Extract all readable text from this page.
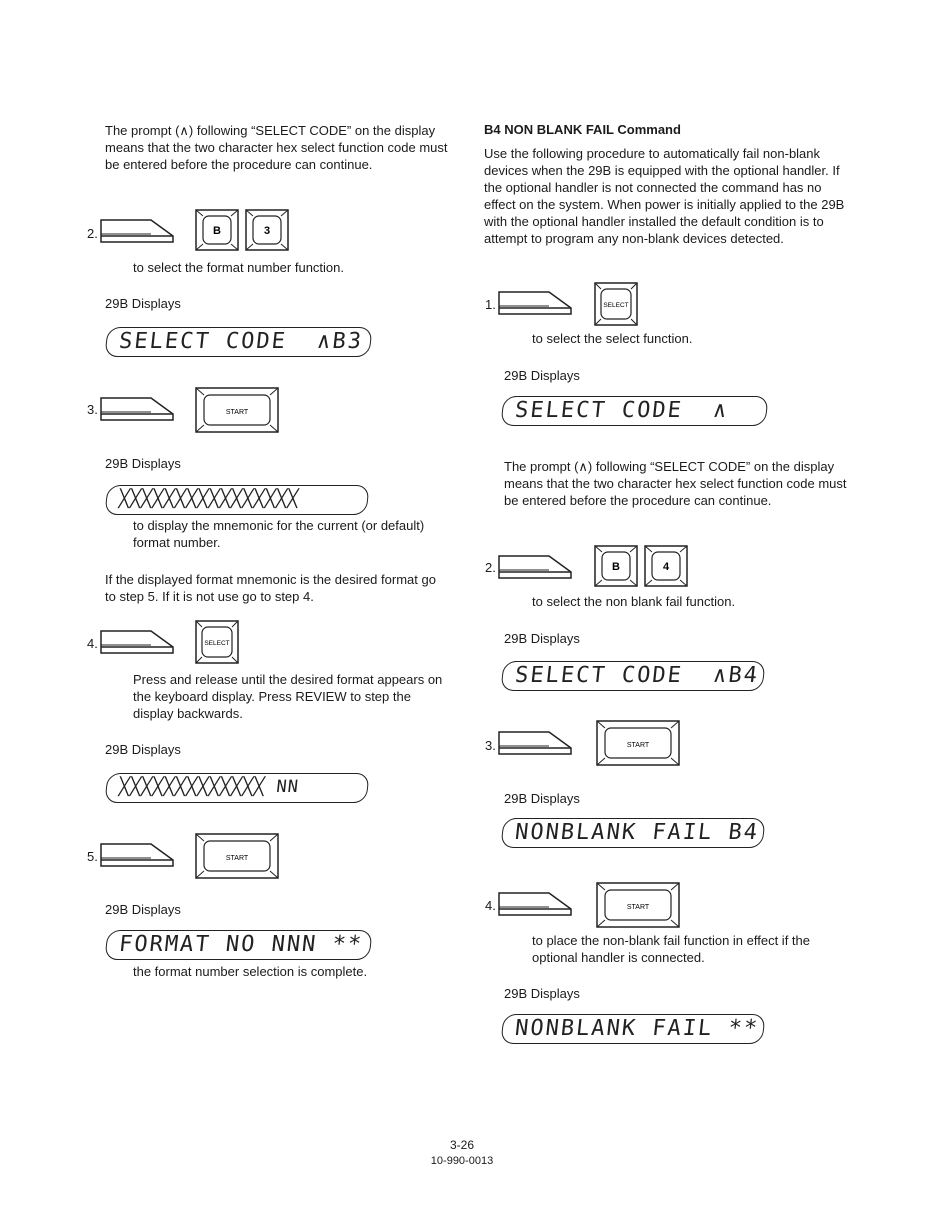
The prompt (∧) following “SELECT CODE” on the display means that the two character hex select function code must be entered before the procedure can continue.

2.	B	3
to select the format number function.
29B Displays
SELECT CODE  ∧B3
3.	START
29B Displays
╳╳╳╳╳╳╳╳╳╳╳╳╳╳╳╳

to display the mnemonic for the current (or default) format number.

If the displayed format mnemonic is the desired format go to step 5. If it is not use go to step 4.

4.	SELECT

Press and release until the desired format appears on the keyboard display. Press REVIEW to step the display backwards.

29B Displays
╳╳╳╳╳╳╳╳╳╳╳╳╳ NN
5.	START
29B Displays
FORMAT NO NNN **
the format number selection is complete.
B4 NON BLANK FAIL Command

Use the following procedure to automatically fail non-blank devices when the 29B is equipped with the optional handler. If the optional handler is not connected the command has no effect on the system. When power is initially applied to the 29B with the optional handler installed the default condition is to attempt to program any non-blank devices detected.

1.	SELECT
to select the select function.
29B Displays
SELECT CODE  ∧

The prompt (∧) following “SELECT CODE” on the display means that the two character hex select function code must be entered before the procedure can continue.

2.	B	4
to select the non blank fail function.
29B Displays
SELECT CODE  ∧B4
3.	START
29B Displays
NONBLANK FAIL B4
4.	START

to place the non-blank fail function in effect if the optional handler is connected.

29B Displays
NONBLANK FAIL **
3-26
10-990-0013
